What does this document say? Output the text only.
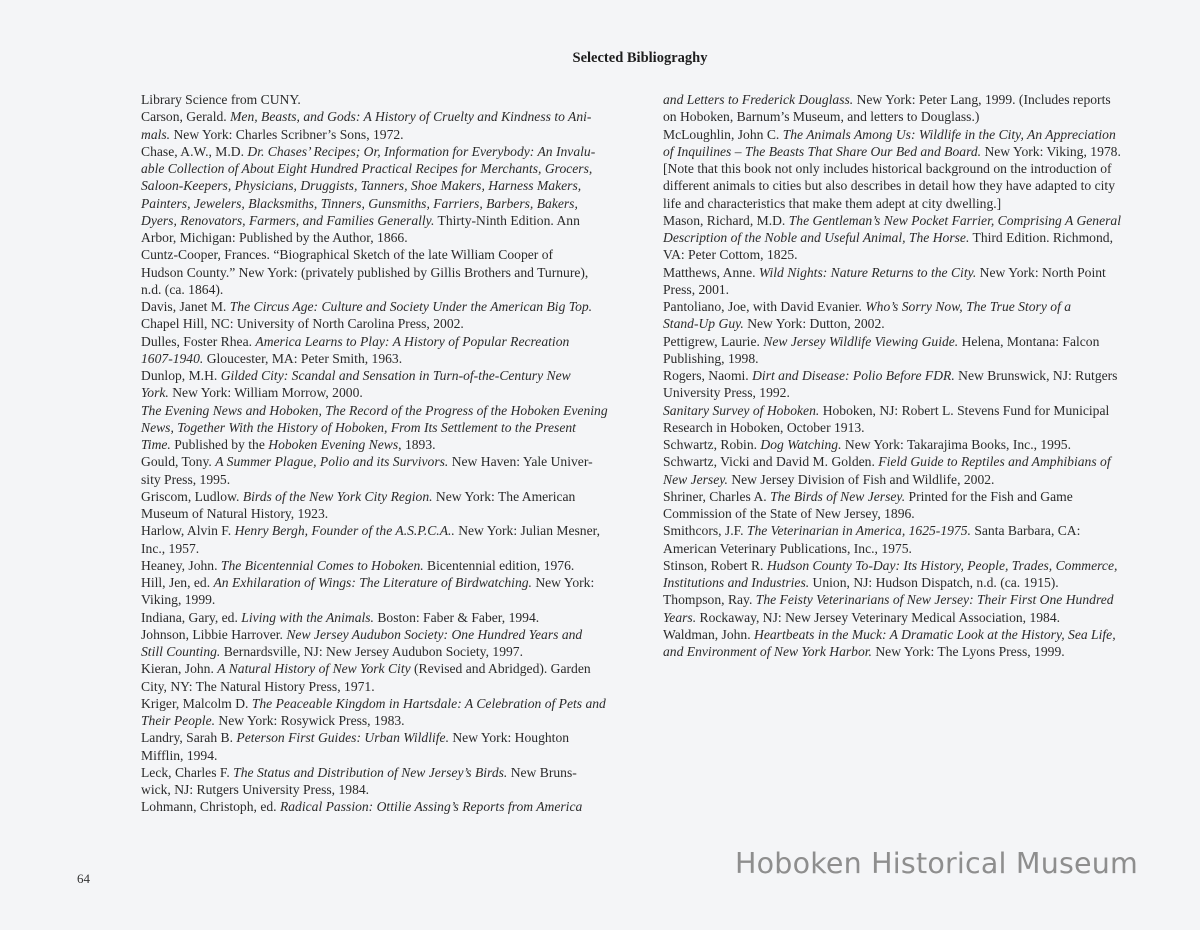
Selected Bibliograghy
Library Science from CUNY.
Carson, Gerald. Men, Beasts, and Gods: A History of Cruelty and Kindness to Ani-
mals. New York: Charles Scribner’s Sons, 1972.
Chase, A.W., M.D. Dr. Chases’ Recipes; Or, Information for Everybody: An Invalu-
able Collection of About Eight Hundred Practical Recipes for Merchants, Grocers,
Saloon-Keepers, Physicians, Druggists, Tanners, Shoe Makers, Harness Makers,
Painters, Jewelers, Blacksmiths, Tinners, Gunsmiths, Farriers, Barbers, Bakers,
Dyers, Renovators, Farmers, and Families Generally. Thirty-Ninth Edition. Ann
Arbor, Michigan: Published by the Author, 1866.
Cuntz-Cooper, Frances. “Biographical Sketch of the late William Cooper of
Hudson County.” New York: (privately published by Gillis Brothers and Turnure),
n.d. (ca. 1864).
Davis, Janet M. The Circus Age: Culture and Society Under the American Big Top.
Chapel Hill, NC: University of North Carolina Press, 2002.
Dulles, Foster Rhea. America Learns to Play: A History of Popular Recreation
1607-1940. Gloucester, MA: Peter Smith, 1963.
Dunlop, M.H. Gilded City: Scandal and Sensation in Turn-of-the-Century New
York. New York: William Morrow, 2000.
The Evening News and Hoboken, The Record of the Progress of the Hoboken Evening
News, Together With the History of Hoboken, From Its Settlement to the Present
Time. Published by the Hoboken Evening News, 1893.
Gould, Tony. A Summer Plague, Polio and its Survivors. New Haven: Yale Univer-
sity Press, 1995.
Griscom, Ludlow. Birds of the New York City Region. New York: The American
Museum of Natural History, 1923.
Harlow, Alvin F. Henry Bergh, Founder of the A.S.P.C.A.. New York: Julian Mesner,
Inc., 1957.
Heaney, John. The Bicentennial Comes to Hoboken. Bicentennial edition, 1976.
Hill, Jen, ed. An Exhilaration of Wings: The Literature of Birdwatching. New York:
Viking, 1999.
Indiana, Gary, ed. Living with the Animals. Boston: Faber & Faber, 1994.
Johnson, Libbie Harrover. New Jersey Audubon Society: One Hundred Years and
Still Counting. Bernardsville, NJ: New Jersey Audubon Society, 1997.
Kieran, John. A Natural History of New York City (Revised and Abridged). Garden
City, NY: The Natural History Press, 1971.
Kriger, Malcolm D. The Peaceable Kingdom in Hartsdale: A Celebration of Pets and
Their People. New York: Rosywick Press, 1983.
Landry, Sarah B. Peterson First Guides: Urban Wildlife. New York: Houghton
Mifflin, 1994.
Leck, Charles F. The Status and Distribution of New Jersey’s Birds. New Bruns-
wick, NJ: Rutgers University Press, 1984.
Lohmann, Christoph, ed. Radical Passion: Ottilie Assing’s Reports from America
and Letters to Frederick Douglass. New York: Peter Lang, 1999. (Includes reports
on Hoboken, Barnum’s Museum, and letters to Douglass.)
McLoughlin, John C. The Animals Among Us: Wildlife in the City, An Appreciation
of Inquilines – The Beasts That Share Our Bed and Board. New York: Viking, 1978.
[Note that this book not only includes historical background on the introduction of
different animals to cities but also describes in detail how they have adapted to city
life and characteristics that make them adept at city dwelling.]
Mason, Richard, M.D. The Gentleman’s New Pocket Farrier, Comprising A General
Description of the Noble and Useful Animal, The Horse. Third Edition. Richmond,
VA: Peter Cottom, 1825.
Matthews, Anne. Wild Nights: Nature Returns to the City. New York: North Point
Press, 2001.
Pantoliano, Joe, with David Evanier. Who’s Sorry Now, The True Story of a
Stand-Up Guy. New York: Dutton, 2002.
Pettigrew, Laurie. New Jersey Wildlife Viewing Guide. Helena, Montana: Falcon
Publishing, 1998.
Rogers, Naomi. Dirt and Disease: Polio Before FDR. New Brunswick, NJ: Rutgers
University Press, 1992.
Sanitary Survey of Hoboken. Hoboken, NJ: Robert L. Stevens Fund for Municipal
Research in Hoboken, October 1913.
Schwartz, Robin. Dog Watching. New York: Takarajima Books, Inc., 1995.
Schwartz, Vicki and David M. Golden. Field Guide to Reptiles and Amphibians of
New Jersey. New Jersey Division of Fish and Wildlife, 2002.
Shriner, Charles A. The Birds of New Jersey. Printed for the Fish and Game
Commission of the State of New Jersey, 1896.
Smithcors, J.F. The Veterinarian in America, 1625-1975. Santa Barbara, CA:
American Veterinary Publications, Inc., 1975.
Stinson, Robert R. Hudson County To-Day: Its History, People, Trades, Commerce,
Institutions and Industries. Union, NJ: Hudson Dispatch, n.d. (ca. 1915).
Thompson, Ray. The Feisty Veterinarians of New Jersey: Their First One Hundred
Years. Rockaway, NJ: New Jersey Veterinary Medical Association, 1984.
Waldman, John. Heartbeats in the Muck: A Dramatic Look at the History, Sea Life,
and Environment of New York Harbor. New York: The Lyons Press, 1999.
64	Hoboken Historical Museum
